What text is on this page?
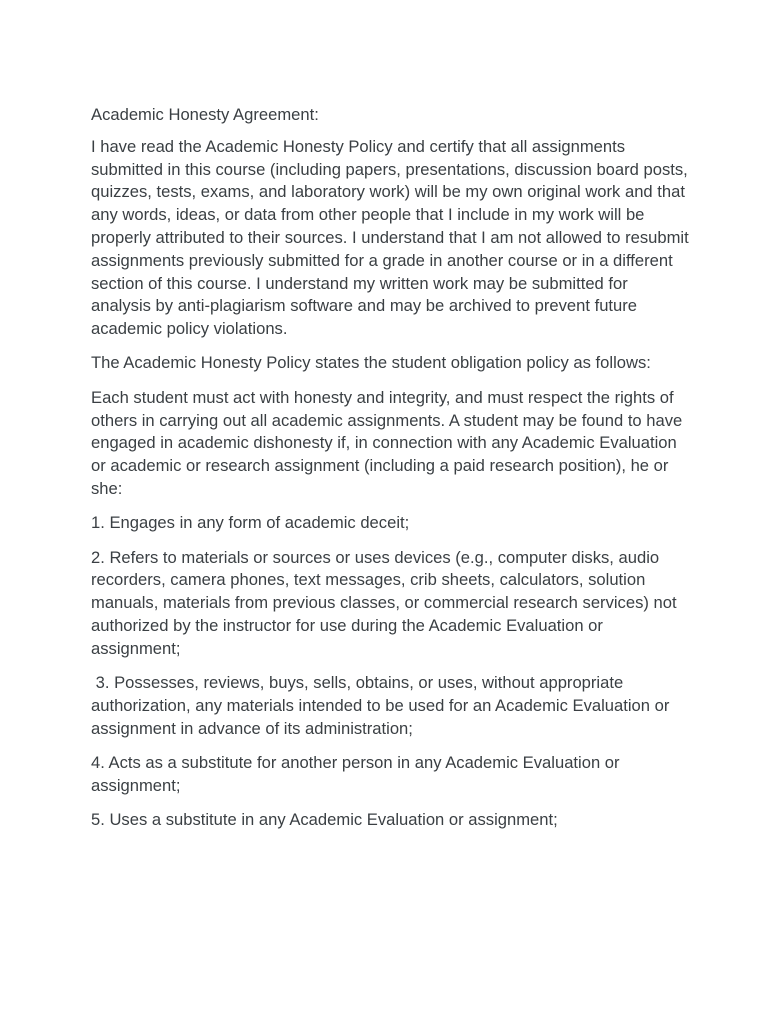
Academic Honesty Agreement:

I have read the Academic Honesty Policy and certify that all assignments submitted in this course (including papers, presentations, discussion board posts, quizzes, tests, exams, and laboratory work) will be my own original work and that any words, ideas, or data from other people that I include in my work will be properly attributed to their sources. I understand that I am not allowed to resubmit assignments previously submitted for a grade in another course or in a different section of this course. I understand my written work may be submitted for analysis by anti-plagiarism software and may be archived to prevent future academic policy violations.

The Academic Honesty Policy states the student obligation policy as follows:

Each student must act with honesty and integrity, and must respect the rights of others in carrying out all academic assignments. A student may be found to have engaged in academic dishonesty if, in connection with any Academic Evaluation or academic or research assignment (including a paid research position), he or she:

1. Engages in any form of academic deceit;

2. Refers to materials or sources or uses devices (e.g., computer disks, audio recorders, camera phones, text messages, crib sheets, calculators, solution manuals, materials from previous classes, or commercial research services) not authorized by the instructor for use during the Academic Evaluation or assignment;

3. Possesses, reviews, buys, sells, obtains, or uses, without appropriate authorization, any materials intended to be used for an Academic Evaluation or assignment in advance of its administration;

4. Acts as a substitute for another person in any Academic Evaluation or assignment;

5. Uses a substitute in any Academic Evaluation or assignment;
